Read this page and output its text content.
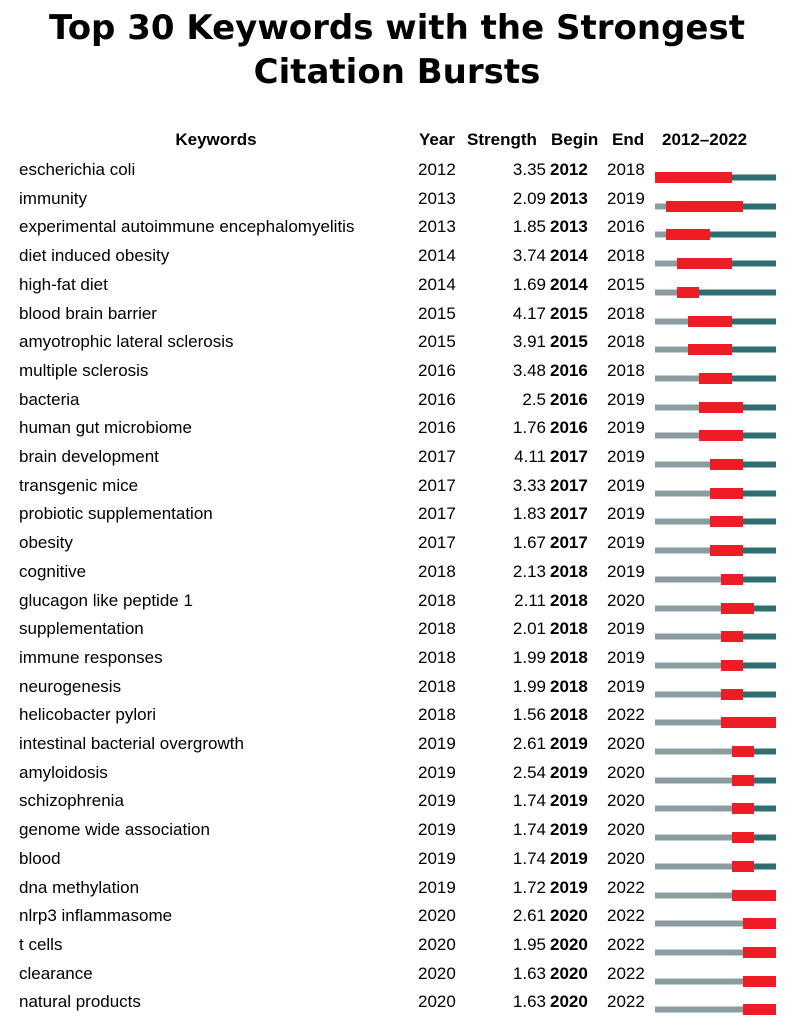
Top 30 Keywords with the Strongest
Citation Bursts
Keywords	Year Strength Begin End 2012–2022
escherichia coli	2012	3.35 2012 2018
immunity	2013	2.09 2013 2019
experimental autoimmune encephalomyelitis	2013	1.85 2013 2016
diet induced obesity	2014	3.74 2014 2018
high-fat diet	2014	1.69 2014 2015
blood brain barrier	2015	4.17 2015 2018
amyotrophic lateral sclerosis	2015	3.91 2015 2018
multiple sclerosis	2016	3.48 2016 2018
bacteria	2016	2.5 2016 2019
human gut microbiome	2016	1.76 2016 2019
brain development	2017	4.11 2017 2019
transgenic mice	2017	3.33 2017 2019
probiotic supplementation	2017	1.83 2017 2019
obesity	2017	1.67 2017 2019
cognitive	2018	2.13 2018 2019
glucagon like peptide 1	2018	2.11 2018 2020
supplementation	2018	2.01 2018 2019
immune responses	2018	1.99 2018 2019
neurogenesis	2018	1.99 2018 2019
helicobacter pylori	2018	1.56 2018 2022
intestinal bacterial overgrowth	2019	2.61 2019 2020
amyloidosis	2019	2.54 2019 2020
schizophrenia	2019	1.74 2019 2020
genome wide association	2019	1.74 2019 2020
blood	2019	1.74 2019 2020
dna methylation	2019	1.72 2019 2022
nlrp3 inflammasome	2020	2.61 2020 2022
t cells	2020	1.95 2020 2022
clearance	2020	1.63 2020 2022
natural products	2020	1.63 2020 2022
